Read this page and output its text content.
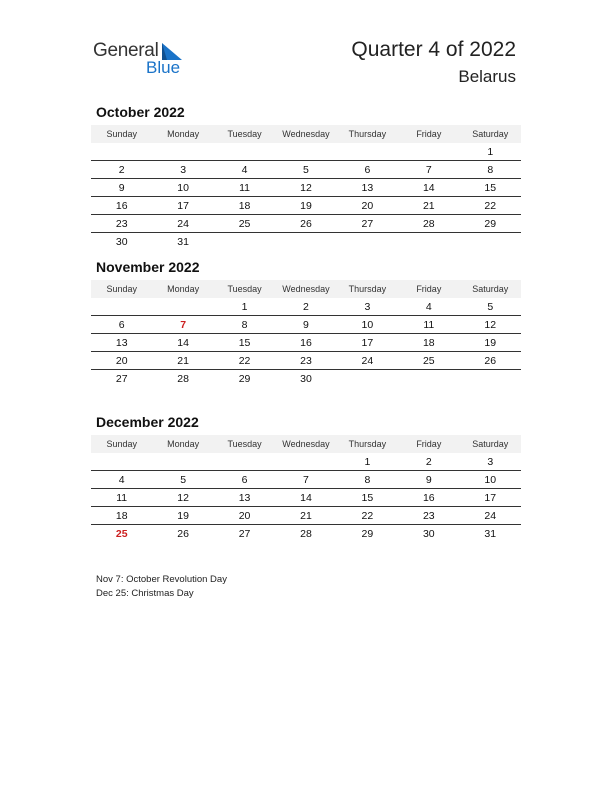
General
Blue
Quarter 4 of 2022
Belarus
October 2022
Sunday	Monday	Tuesday	Wednesday	Thursday	Friday	Saturday
						1
2	3	4	5	6	7	8
9	10	11	12	13	14	15
16	17	18	19	20	21	22
23	24	25	26	27	28	29
30	31					
November 2022
Sunday	Monday	Tuesday	Wednesday	Thursday	Friday	Saturday
		1	2	3	4	5
6	7	8	9	10	11	12
13	14	15	16	17	18	19
20	21	22	23	24	25	26
27	28	29	30			
December 2022
Sunday	Monday	Tuesday	Wednesday	Thursday	Friday	Saturday
				1	2	3
4	5	6	7	8	9	10
11	12	13	14	15	16	17
18	19	20	21	22	23	24
25	26	27	28	29	30	31
Nov 7: October Revolution Day
Dec 25: Christmas Day
